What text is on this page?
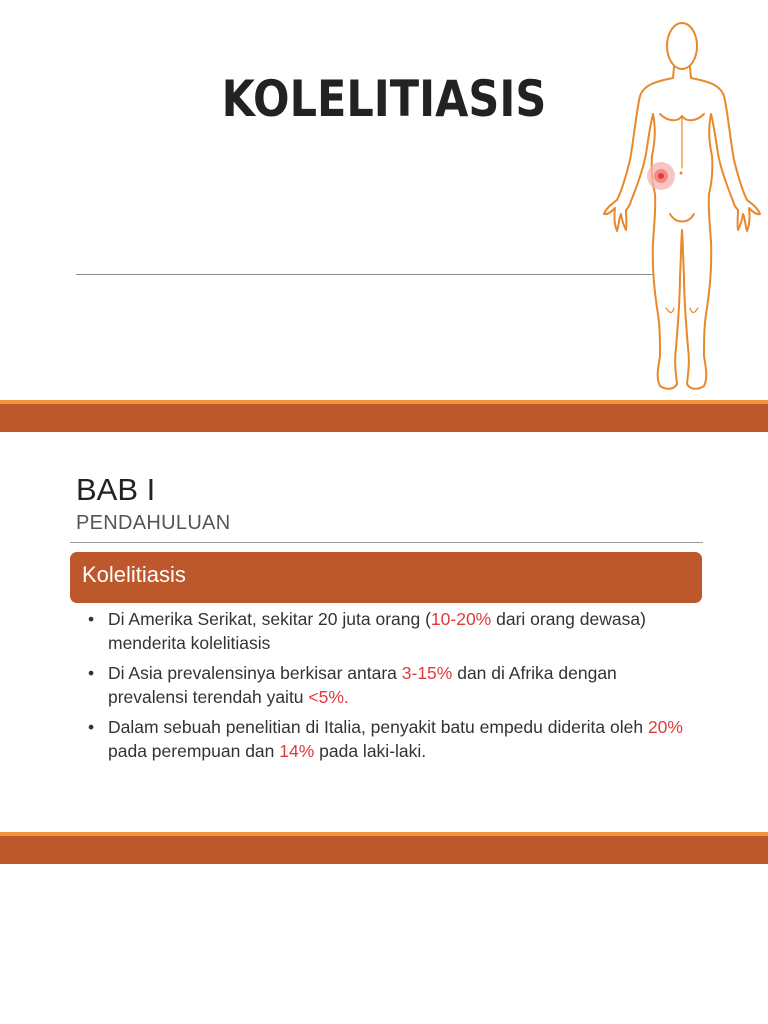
KOLELITIASIS
BAB I
PENDAHULUAN
Kolelitiasis
• Di Amerika Serikat, sekitar 20 juta orang (10-20% dari orang dewasa) menderita kolelitiasis
• Di Asia prevalensinya berkisar antara 3-15% dan di Afrika dengan prevalensi terendah yaitu <5%.
• Dalam sebuah penelitian di Italia, penyakit batu empedu diderita oleh 20% pada perempuan dan 14% pada laki-laki.
